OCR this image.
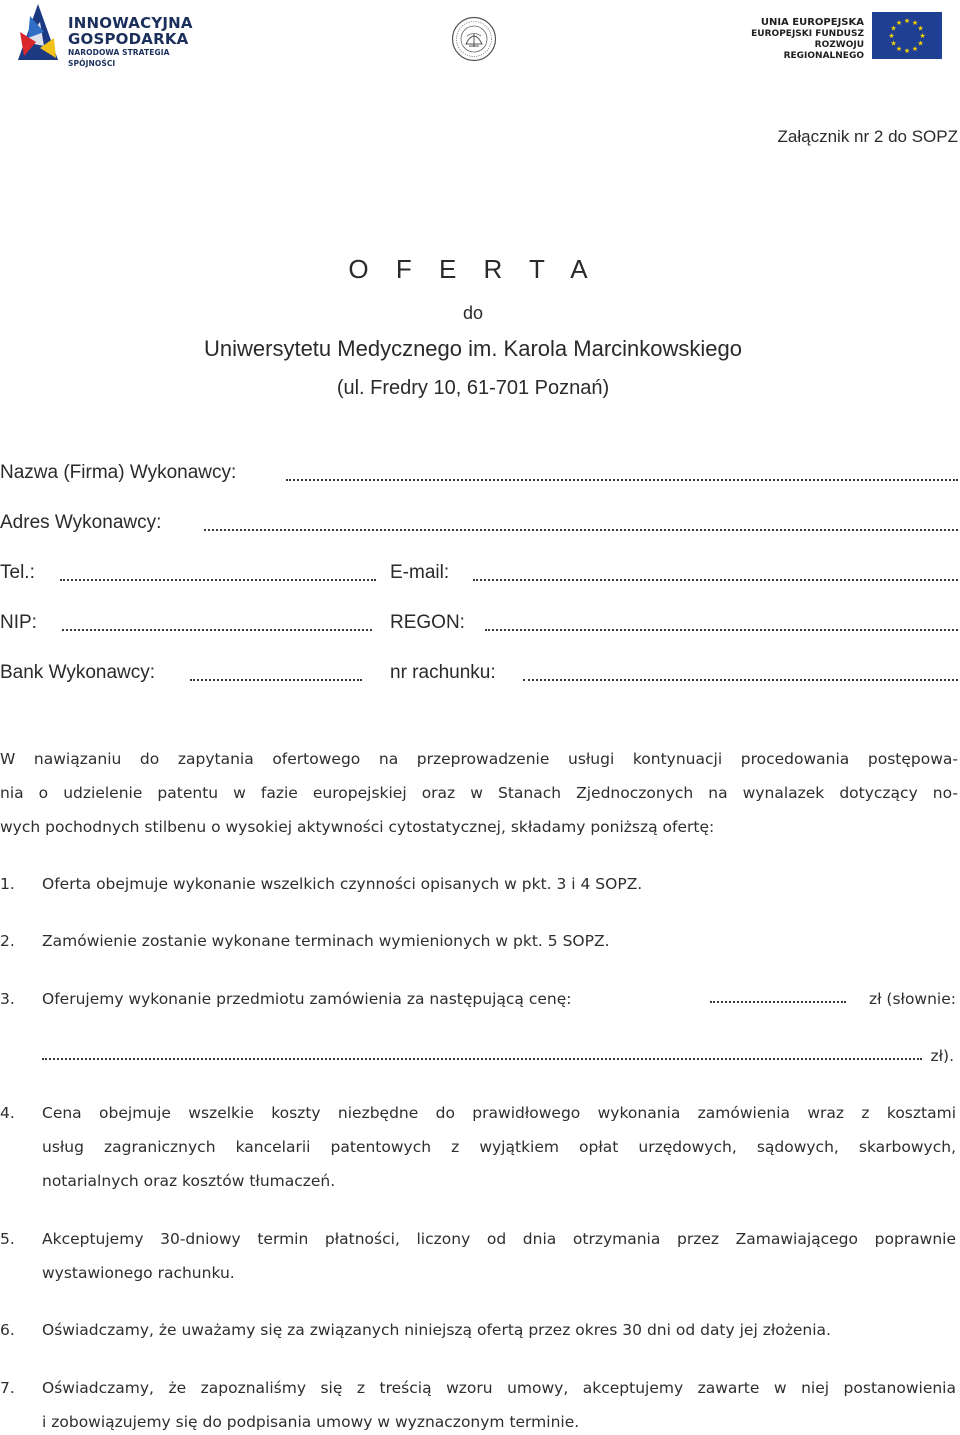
INNOWACYJNA
GOSPODARKA
NARODOWA STRATEGIA SPÓJNOŚCI
UNIA EUROPEJSKA
EUROPEJSKI FUNDUSZ
ROZWOJU REGIONALNEGO
★ ★
★
★
★
★
★
★
★
★
★
★
Załącznik nr 2 do SOPZ
O F E R T A
do
Uniwersytetu Medycznego im. Karola Marcinkowskiego
(ul. Fredry 10, 61-701 Poznań)
Nazwa (Firma) Wykonawcy:
Adres Wykonawcy:
Tel.:	E-mail:
NIP:	REGON:
Bank Wykonawcy:	nr rachunku:
W nawiązaniu do zapytania ofertowego na przeprowadzenie usługi kontynuacji procedowania postępowa-
nia o udzielenie patentu w fazie europejskiej oraz w Stanach Zjednoczonych na wynalazek dotyczący no-
wych pochodnych stilbenu o wysokiej aktywności cytostatycznej, składamy poniższą ofertę:
1. Oferta obejmuje wykonanie wszelkich czynności opisanych w pkt. 3 i 4 SOPZ.
2. Zamówienie zostanie wykonane terminach wymienionych w pkt. 5 SOPZ.
3. Oferujemy wykonanie przedmiotu zamówienia za następującą cenę:	zł (słownie:
zł).
4. Cena obejmuje wszelkie koszty niezbędne do prawidłowego wykonania zamówienia wraz z kosztami
usług zagranicznych kancelarii patentowych z wyjątkiem opłat urzędowych, sądowych, skarbowych,
notarialnych oraz kosztów tłumaczeń.
5. Akceptujemy 30-dniowy termin płatności, liczony od dnia otrzymania przez Zamawiającego poprawnie
wystawionego rachunku.
6. Oświadczamy, że uważamy się za związanych niniejszą ofertą przez okres 30 dni od daty jej złożenia.
7. Oświadczamy, że zapoznaliśmy się z treścią wzoru umowy, akceptujemy zawarte w niej postanowienia
i zobowiązujemy się do podpisania umowy w wyznaczonym terminie.
